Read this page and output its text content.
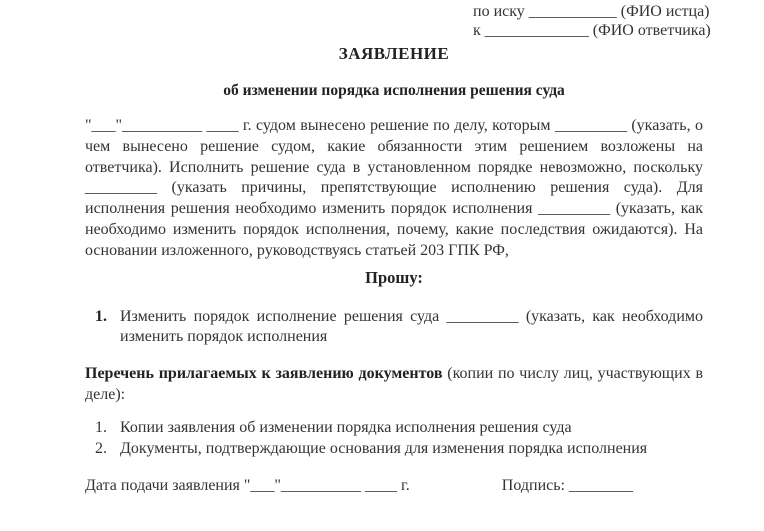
по иску ___________ (ФИО истца)
к _____________ (ФИО ответчика)
ЗАЯВЛЕНИЕ
об изменении порядка исполнения решения суда

"___"__________ ____ г. судом вынесено решение по делу, которым _________ (указать, о чем вынесено решение судом, какие обязанности этим решением возложены на ответчика). Исполнить решение суда в установленном порядке невозможно, поскольку _________ (указать причины, препятствующие исполнению решения суда). Для исполнения решения необходимо изменить порядок исполнения _________ (указать, как необходимо изменить порядок исполнения, почему, какие последствия ожидаются). На основании изложенного, руководствуясь статьей 203 ГПК РФ,

Прошу:
1. Изменить порядок исполнение решения суда _________ (указать, как необходимо изменить порядок исполнения

Перечень прилагаемых к заявлению документов (копии по числу лиц, участвующих в деле):

1. Копии заявления об изменении порядка исполнения решения суда
2. Документы, подтверждающие основания для изменения порядка исполнения
Дата подачи заявления "___"__________ ____ г.	Подпись: ________
